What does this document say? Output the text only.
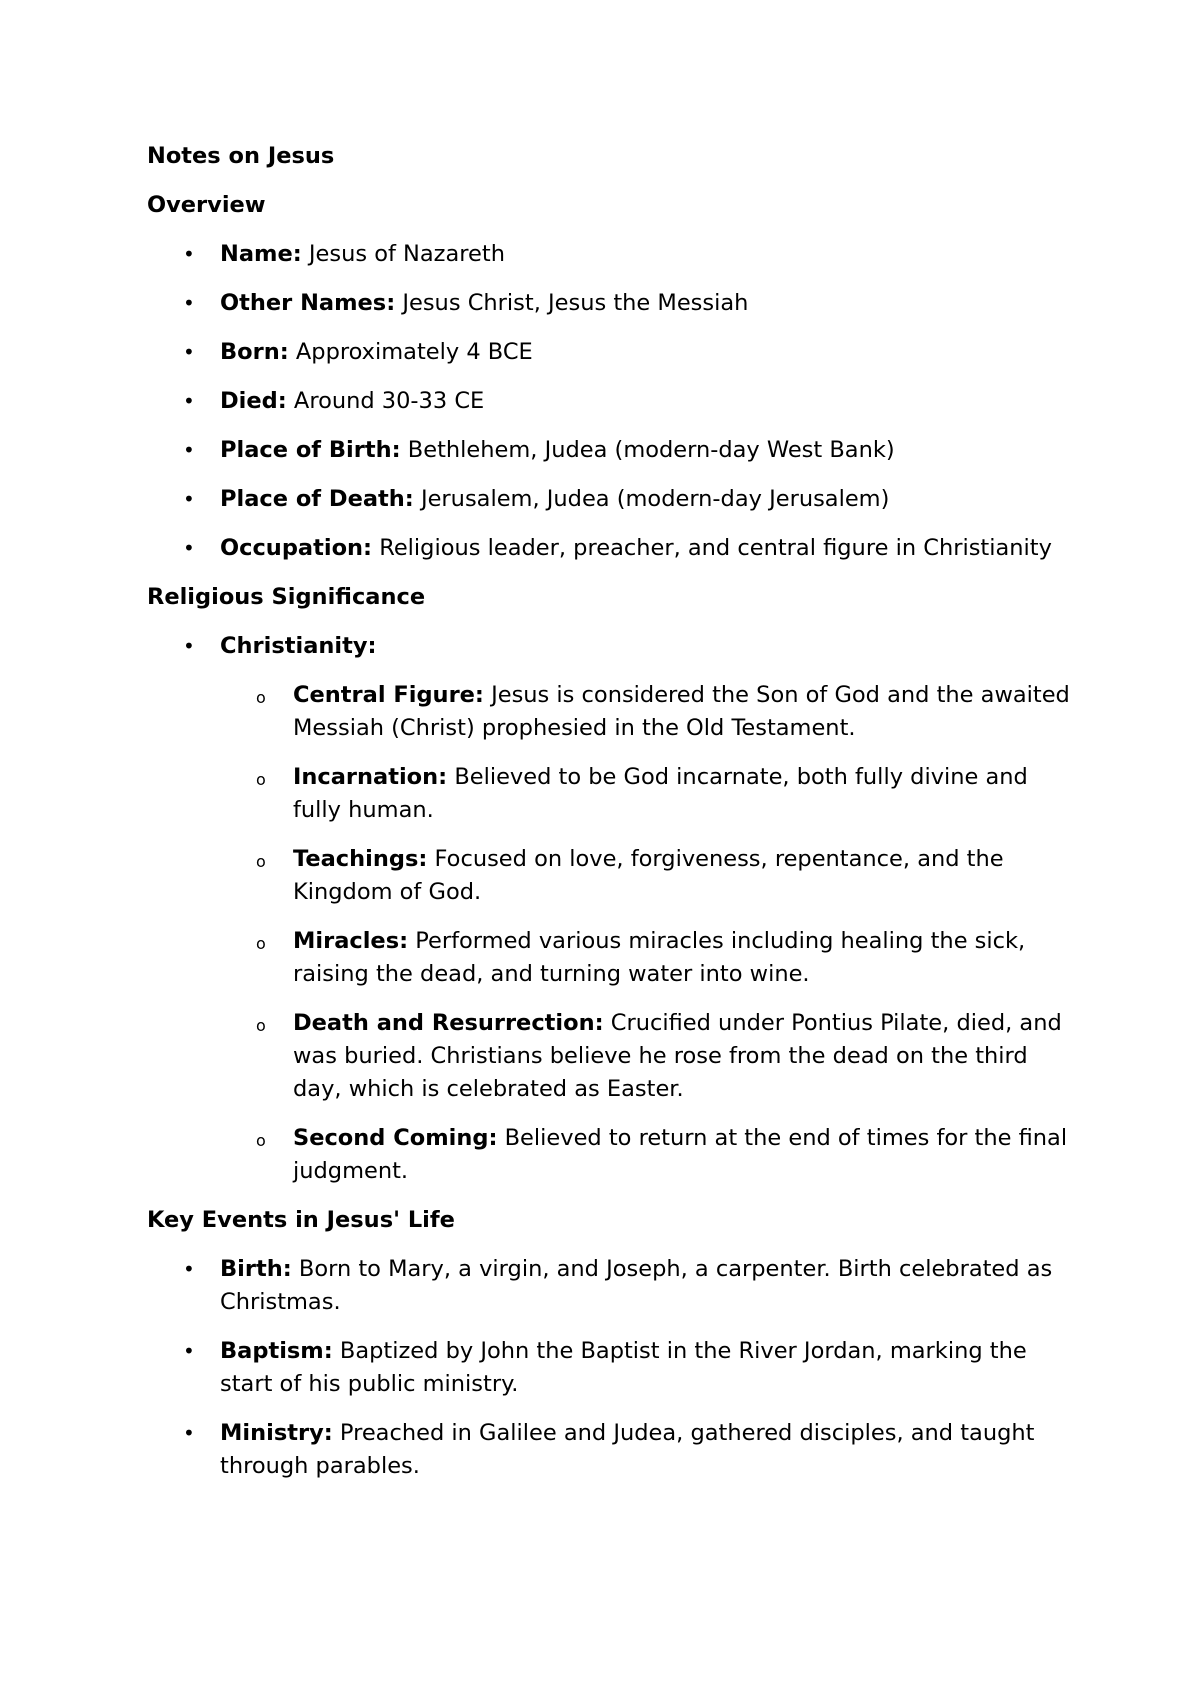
Notes on Jesus
Overview
• Name: Jesus of Nazareth
• Other Names: Jesus Christ, Jesus the Messiah
• Born: Approximately 4 BCE
• Died: Around 30-33 CE
• Place of Birth: Bethlehem, Judea (modern-day West Bank)
• Place of Death: Jerusalem, Judea (modern-day Jerusalem)
• Occupation: Religious leader, preacher, and central figure in Christianity
Religious Significance
• Christianity:
o Central Figure: Jesus is considered the Son of God and the awaited Messiah (Christ) prophesied in the Old Testament.
o Incarnation: Believed to be God incarnate, both fully divine and fully human.
o Teachings: Focused on love, forgiveness, repentance, and the Kingdom of God.
o Miracles: Performed various miracles including healing the sick, raising the dead, and turning water into wine.
o Death and Resurrection: Crucified under Pontius Pilate, died, and was buried. Christians believe he rose from the dead on the third day, which is celebrated as Easter.
o Second Coming: Believed to return at the end of times for the final judgment.
Key Events in Jesus' Life
• Birth: Born to Mary, a virgin, and Joseph, a carpenter. Birth celebrated as Christmas.
• Baptism: Baptized by John the Baptist in the River Jordan, marking the start of his public ministry.
• Ministry: Preached in Galilee and Judea, gathered disciples, and taught through parables.
